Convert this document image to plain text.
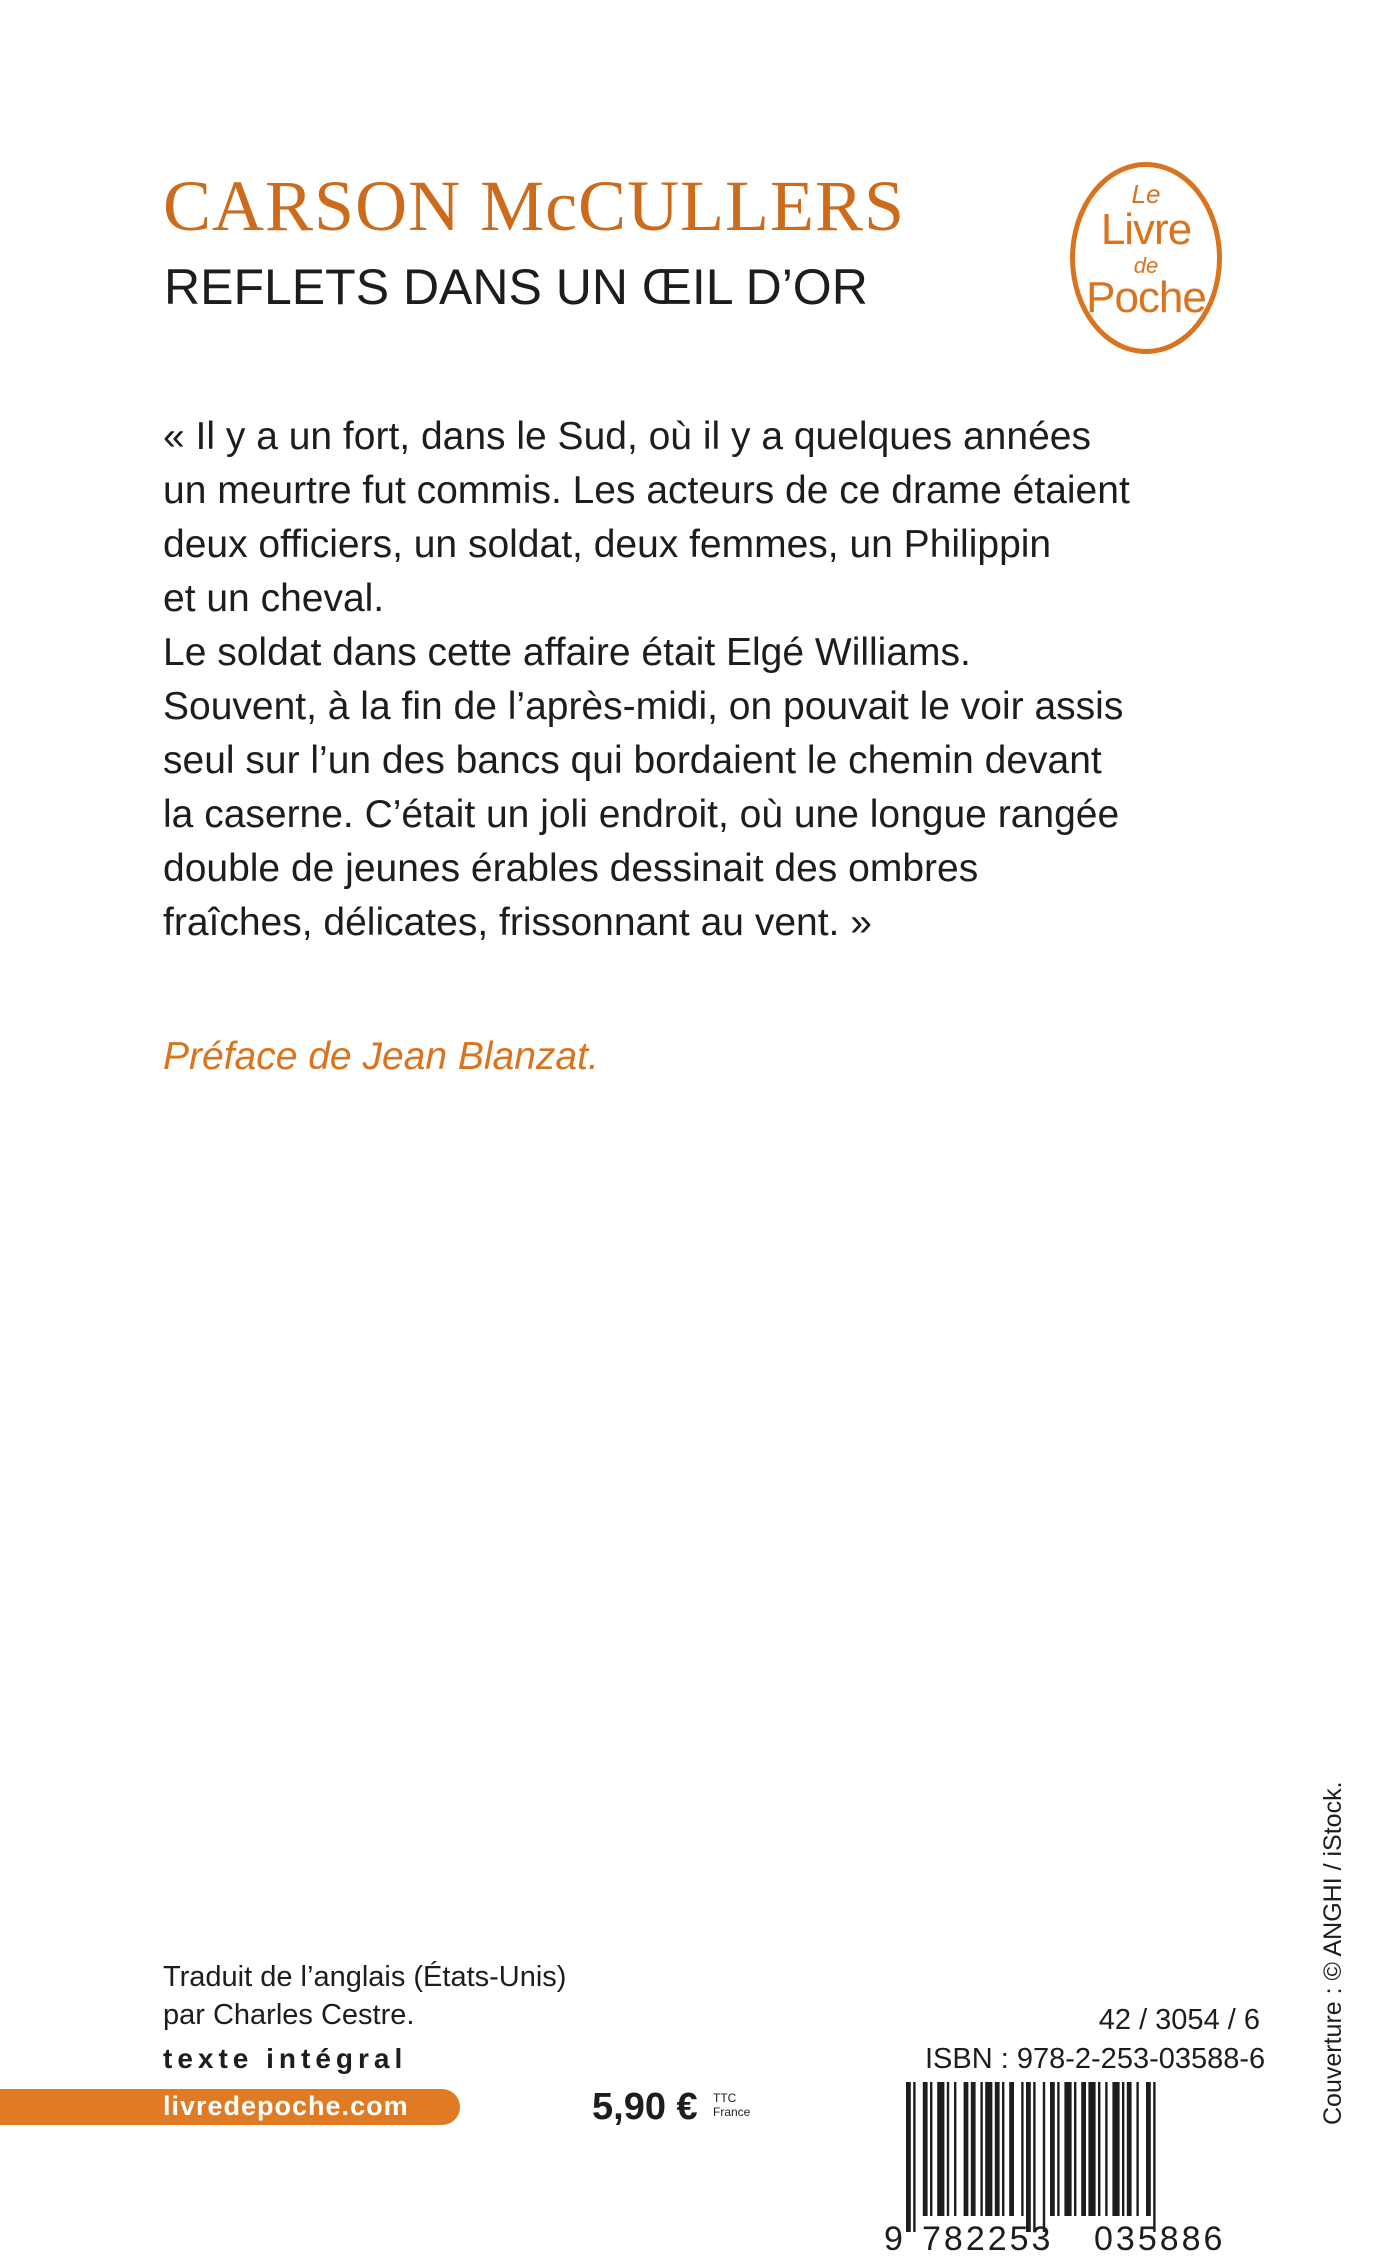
CARSON McCULLERS
REFLETS DANS UN ŒIL D’OR
Le
Livre
de
Poche
« Il y a un fort, dans le Sud, où il y a quelques années
un meurtre fut commis. Les acteurs de ce drame étaient
deux officiers, un soldat, deux femmes, un Philippin
et un cheval.
Le soldat dans cette affaire était Elgé Williams.
Souvent, à la fin de l’après-midi, on pouvait le voir assis
seul sur l’un des bancs qui bordaient le chemin devant
la caserne. C’était un joli endroit, où une longue rangée
double de jeunes érables dessinait des ombres
fraîches, délicates, frissonnant au vent. »
Préface de Jean Blanzat.
Traduit de l’anglais (États-Unis)
par Charles Cestre.
texte intégral
livredepoche.com	5,90 € TTC
France
42 / 3054 / 6
ISBN : 978-2-253-03588-6
9 782253 035886
Couverture : © ANGHI / iStock.
